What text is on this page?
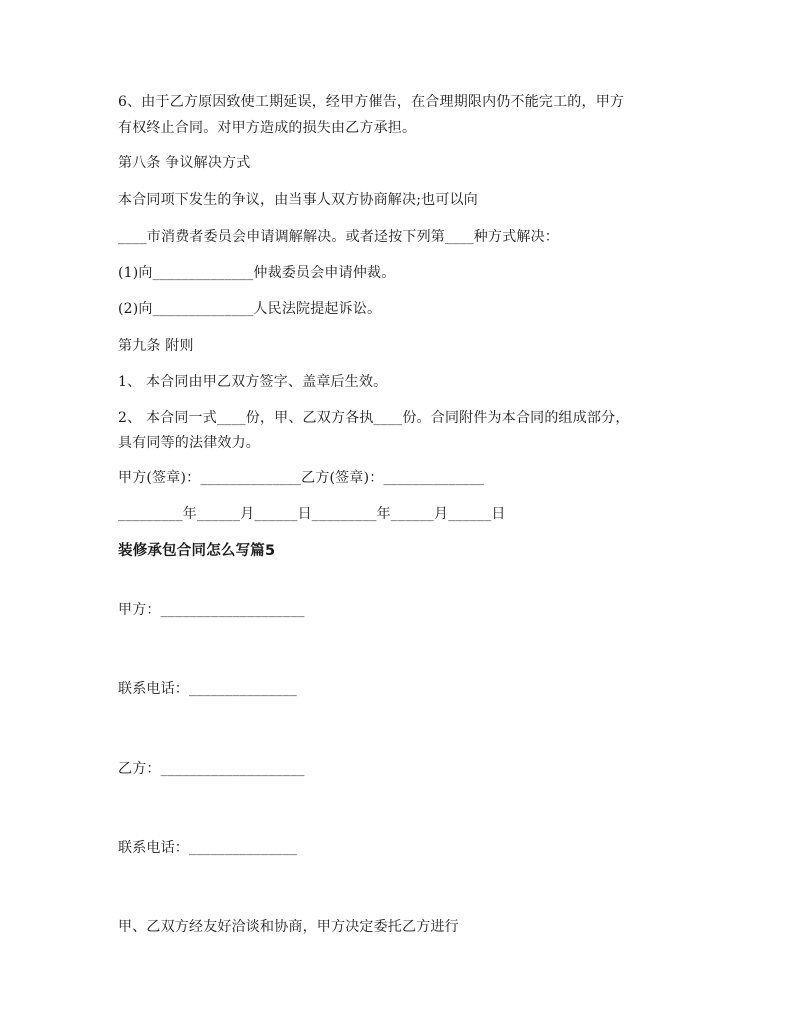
6、由于乙方原因致使工期延误，经甲方催告，在合理期限内仍不能完工的，甲方
有权终止合同。对甲方造成的损失由乙方承担。
第八条 争议解决方式
本合同项下发生的争议，由当事人双方协商解决;也可以向
____市消费者委员会申请调解解决。或者迳按下列第____种方式解决：
(1)向______________仲裁委员会申请仲裁。
(2)向______________人民法院提起诉讼。
第九条 附则
1、 本合同由甲乙双方签字、盖章后生效。
2、 本合同一式____份，甲、乙双方各执____份。合同附件为本合同的组成部分，
具有同等的法律效力。
甲方(签章)：______________乙方(签章)：______________
_________年______月______日_________年______月______日
装修承包合同怎么写篇5
甲方：____________________
联系电话：_______________
乙方：____________________
联系电话：_______________
甲、乙双方经友好洽谈和协商，甲方决定委托乙方进行
